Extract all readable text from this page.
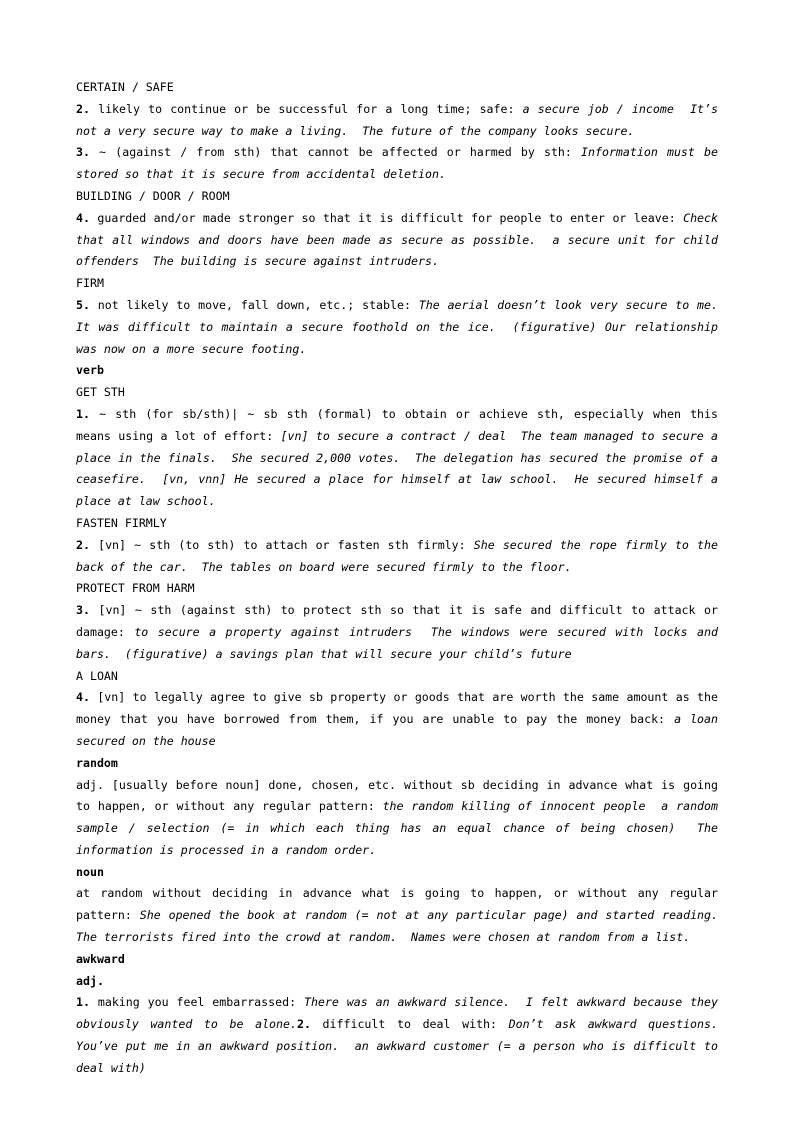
CERTAIN / SAFE

2. likely to continue or be successful for a long time; safe: a secure job / income  It’s not a very secure way to make a living.  The future of the company looks secure.

3. ~ (against / from sth) that cannot be affected or harmed by sth: Information must be stored so that it is secure from accidental deletion.

BUILDING / DOOR / ROOM

4. guarded and/or made stronger so that it is difficult for people to enter or leave: Check that all windows and doors have been made as secure as possible.  a secure unit for child offenders  The building is secure against intruders.

FIRM

5. not likely to move, fall down, etc.; stable: The aerial doesn’t look very secure to me.  It was difficult to maintain a secure foothold on the ice.  (figurative) Our relationship was now on a more secure footing.

verb

GET STH

1. ~ sth (for sb/sth)| ~ sb sth (formal) to obtain or achieve sth, especially when this means using a lot of effort: [vn] to secure a contract / deal  The team managed to secure a place in the finals.  She secured 2,000 votes.  The delegation has secured the promise of a ceasefire.  [vn, vnn] He secured a place for himself at law school.  He secured himself a place at law school.

FASTEN FIRMLY

2. [vn] ~ sth (to sth) to attach or fasten sth firmly: She secured the rope firmly to the back of the car.  The tables on board were secured firmly to the floor.

PROTECT FROM HARM

3. [vn] ~ sth (against sth) to protect sth so that it is safe and difficult to attack or damage: to secure a property against intruders  The windows were secured with locks and bars.  (figurative) a savings plan that will secure your child’s future

A LOAN

4. [vn] to legally agree to give sb property or goods that are worth the same amount as the money that you have borrowed from them, if you are unable to pay the money back: a loan secured on the house

random

adj. [usually before noun] done, chosen, etc. without sb deciding in advance what is going to happen, or without any regular pattern: the random killing of innocent people  a random sample / selection (= in which each thing has an equal chance of being chosen)  The information is processed in a random order.

noun

at random without deciding in advance what is going to happen, or without any regular pattern: She opened the book at random (= not at any particular page) and started reading.  The terrorists fired into the crowd at random.  Names were chosen at random from a list.

awkward

adj.

1. making you feel embarrassed: There was an awkward silence.  I felt awkward because they obviously wanted to be alone.2. difficult to deal with: Don’t ask awkward questions.  You’ve put me in an awkward position.  an awkward customer (= a person who is difficult to deal with)
